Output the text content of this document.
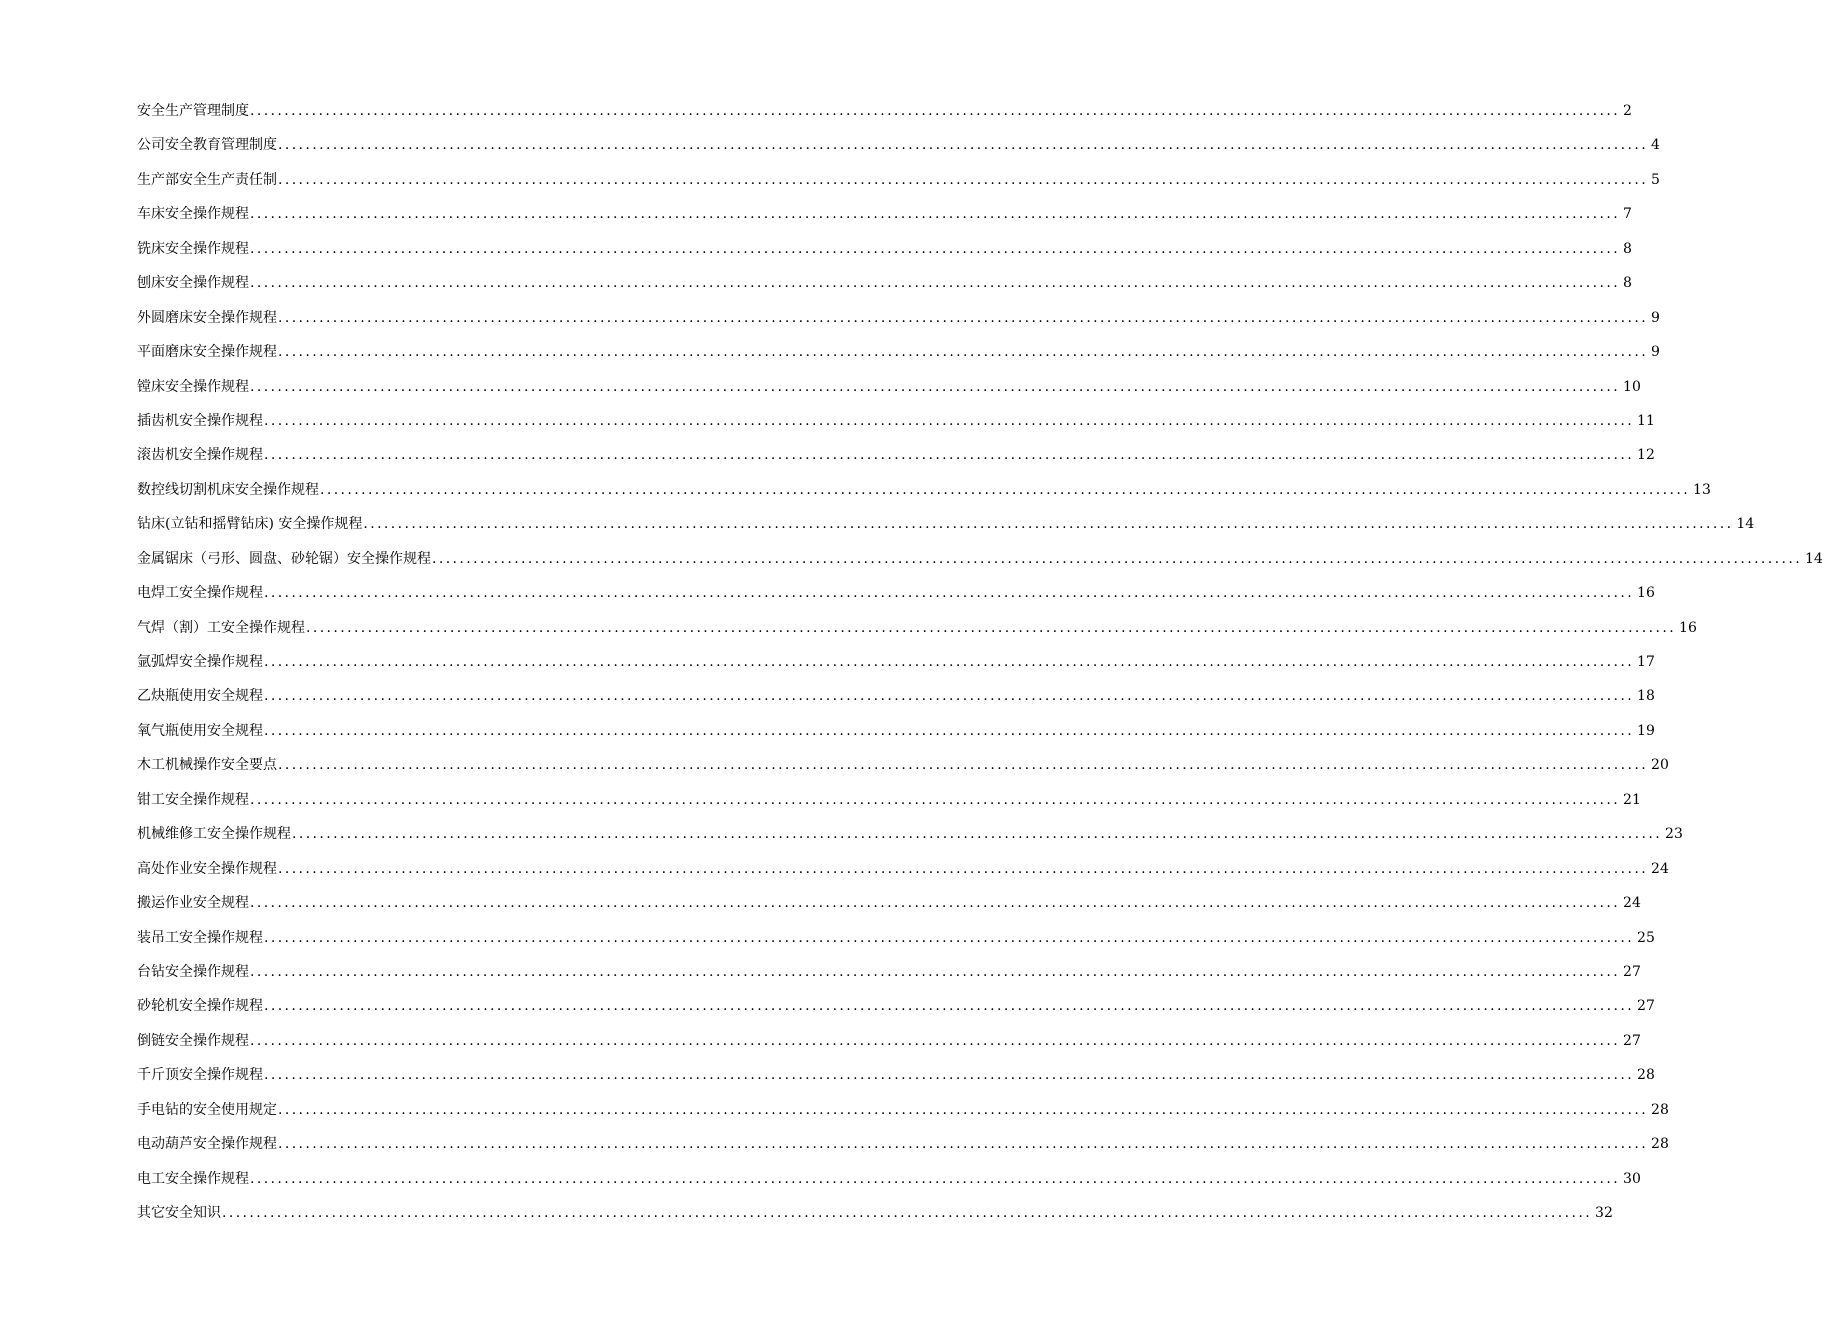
安全生产管理制度 ........................................................................................................................................................................................................ 2
公司安全教育管理制度 ........................................................................................................................................................................................................ 4
生产部安全生产责任制 ........................................................................................................................................................................................................ 5
车床安全操作规程 ........................................................................................................................................................................................................ 7
铣床安全操作规程 ........................................................................................................................................................................................................ 8
刨床安全操作规程 ........................................................................................................................................................................................................ 8
外圆磨床安全操作规程 ........................................................................................................................................................................................................ 9
平面磨床安全操作规程 ........................................................................................................................................................................................................ 9
镗床安全操作规程 ........................................................................................................................................................................................................ 10
插齿机安全操作规程 ........................................................................................................................................................................................................ 11
滚齿机安全操作规程 ........................................................................................................................................................................................................ 12
数控线切割机床安全操作规程 ........................................................................................................................................................................................................ 13
钻床(立钻和摇臂钻床) 安全操作规程 ........................................................................................................................................................................................................ 14
金属锯床（弓形、圆盘、砂轮锯）安全操作规程 ........................................................................................................................................................................................................ 14
电焊工安全操作规程 ........................................................................................................................................................................................................ 16
气焊（割）工安全操作规程 ........................................................................................................................................................................................................ 16
氩弧焊安全操作规程 ........................................................................................................................................................................................................ 17
乙炔瓶使用安全规程 ........................................................................................................................................................................................................ 18
氧气瓶使用安全规程 ........................................................................................................................................................................................................ 19
木工机械操作安全要点 ........................................................................................................................................................................................................ 20
钳工安全操作规程 ........................................................................................................................................................................................................ 21
机械维修工安全操作规程 ........................................................................................................................................................................................................ 23
高处作业安全操作规程 ........................................................................................................................................................................................................ 24
搬运作业安全规程 ........................................................................................................................................................................................................ 24
装吊工安全操作规程 ........................................................................................................................................................................................................ 25
台钻安全操作规程 ........................................................................................................................................................................................................ 27
砂轮机安全操作规程 ........................................................................................................................................................................................................ 27
倒链安全操作规程 ........................................................................................................................................................................................................ 27
千斤顶安全操作规程 ........................................................................................................................................................................................................ 28
手电钻的安全使用规定 ........................................................................................................................................................................................................ 28
电动葫芦安全操作规程 ........................................................................................................................................................................................................ 28
电工安全操作规程 ........................................................................................................................................................................................................ 30
其它安全知识 ........................................................................................................................................................................................................ 32
